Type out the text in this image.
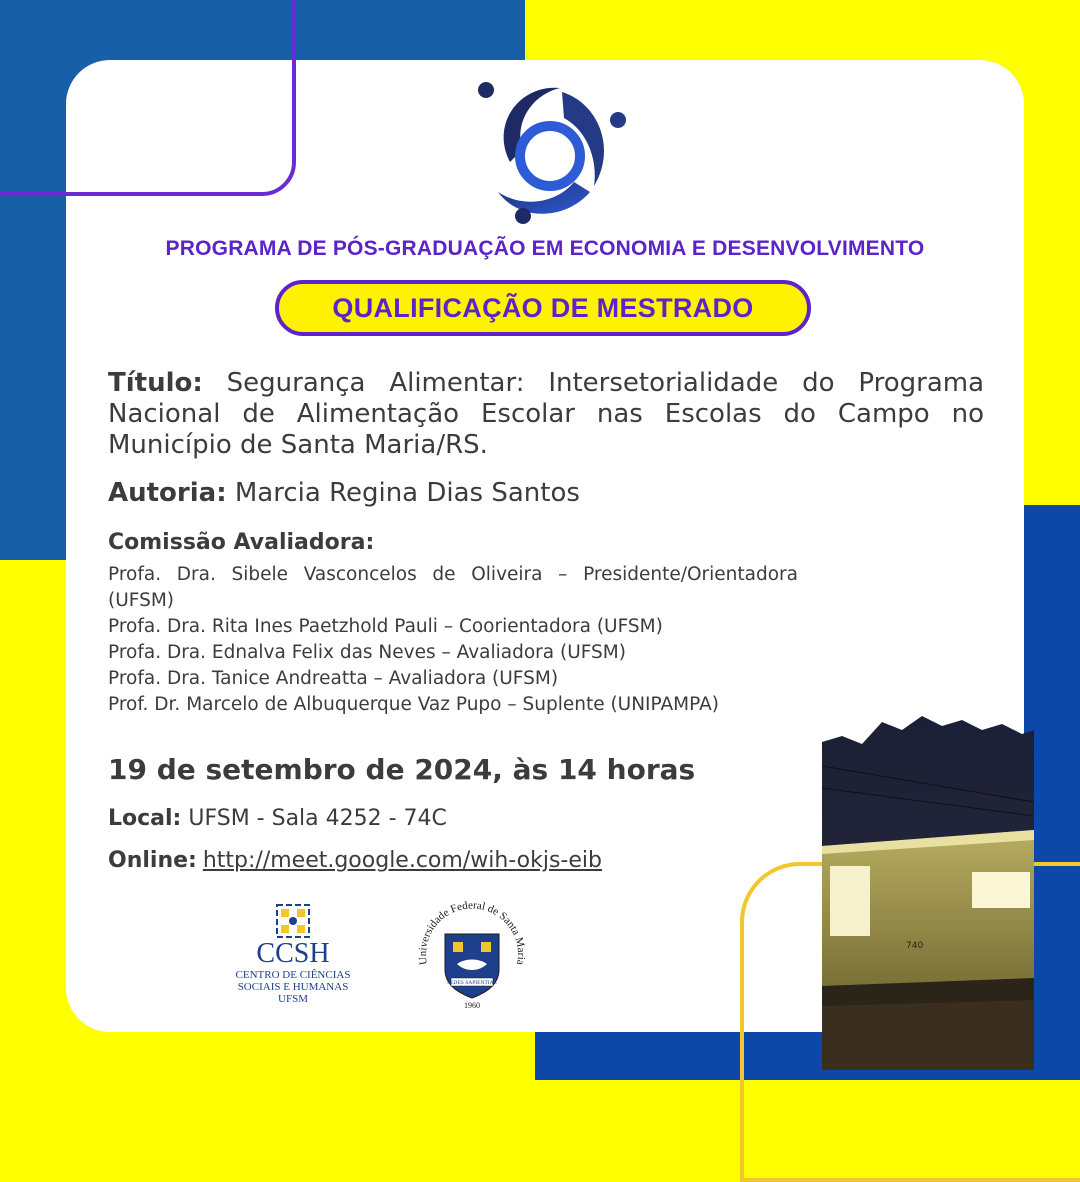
PROGRAMA DE PÓS-GRADUAÇÃO EM ECONOMIA E DESENVOLVIMENTO
QUALIFICAÇÃO DE MESTRADO
Título: Segurança Alimentar: Intersetorialidade do Programa Nacional de Alimentação Escolar nas Escolas do Campo no Município de Santa Maria/RS.
Autoria: Marcia Regina Dias Santos
Comissão Avaliadora:
Profa. Dra. Sibele Vasconcelos de Oliveira – Presidente/Orientadora (UFSM)
Profa. Dra. Rita Ines Paetzhold Pauli – Coorientadora (UFSM)
Profa. Dra. Ednalva Felix das Neves – Avaliadora (UFSM)
Profa. Dra. Tanice Andreatta – Avaliadora (UFSM)
Prof. Dr. Marcelo de Albuquerque Vaz Pupo – Suplente (UNIPAMPA)
19 de setembro de 2024, às 14 horas
Local: UFSM - Sala 4252 - 74C
Online: http://meet.google.com/wih-okjs-eib
CCSH
CENTRO DE CIÊNCIAS
SOCIAIS E HUMANAS
UFSM
Universidade Federal de Santa Maria
SEDES SAPIENTIAE
1960
740
